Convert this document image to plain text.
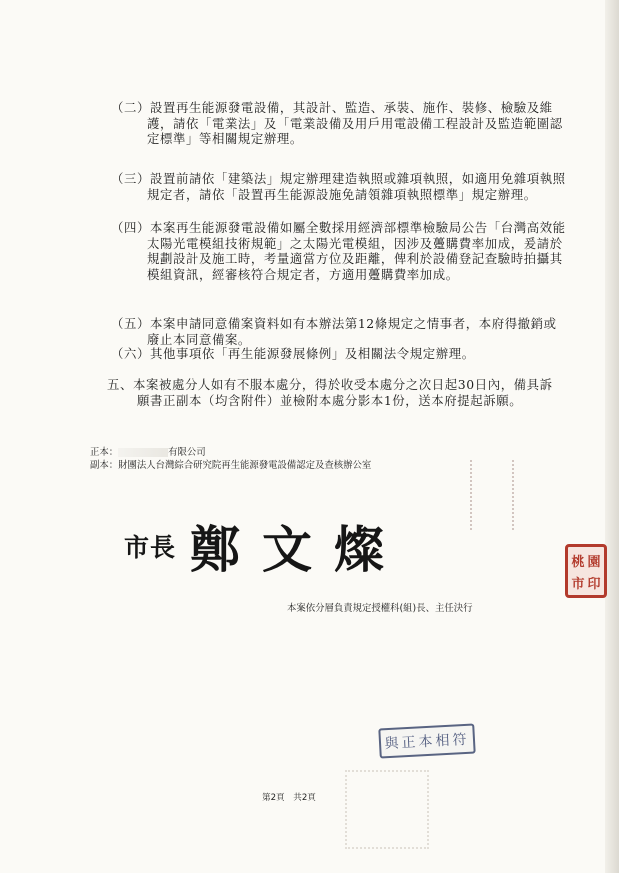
（二）設置再生能源發電設備，其設計、監造、承裝、施作、裝修、檢驗及維護，請依「電業法」及「電業設備及用戶用電設備工程設計及監造範圍認定標準」等相關規定辦理。
（三）設置前請依「建築法」規定辦理建造執照或雜項執照，如適用免雜項執照規定者，請依「設置再生能源設施免請領雜項執照標準」規定辦理。
（四）本案再生能源發電設備如屬全數採用經濟部標準檢驗局公告「台灣高效能太陽光電模組技術規範」之太陽光電模組，因涉及躉購費率加成，爰請於規劃設計及施工時，考量適當方位及距離，俾利於設備登記查驗時拍攝其模組資訊，經審核符合規定者，方適用躉購費率加成。
（五）本案申請同意備案資料如有本辦法第12條規定之情事者，本府得撤銷或廢止本同意備案。
（六）其他事項依「再生能源發展條例」及相關法令規定辦理。
五、本案被處分人如有不服本處分，得於收受本處分之次日起30日內，備具訴願書正副本（均含附件）並檢附本處分影本1份，送本府提起訴願。
正本：	有限公司
副本：財團法人台灣綜合研究院再生能源發電設備認定及查核辦公室
市長 鄭文燦	桃 園
市 印
本案依分層負責規定授權科(組)長、主任決行
與正本相符
第2頁　共2頁
